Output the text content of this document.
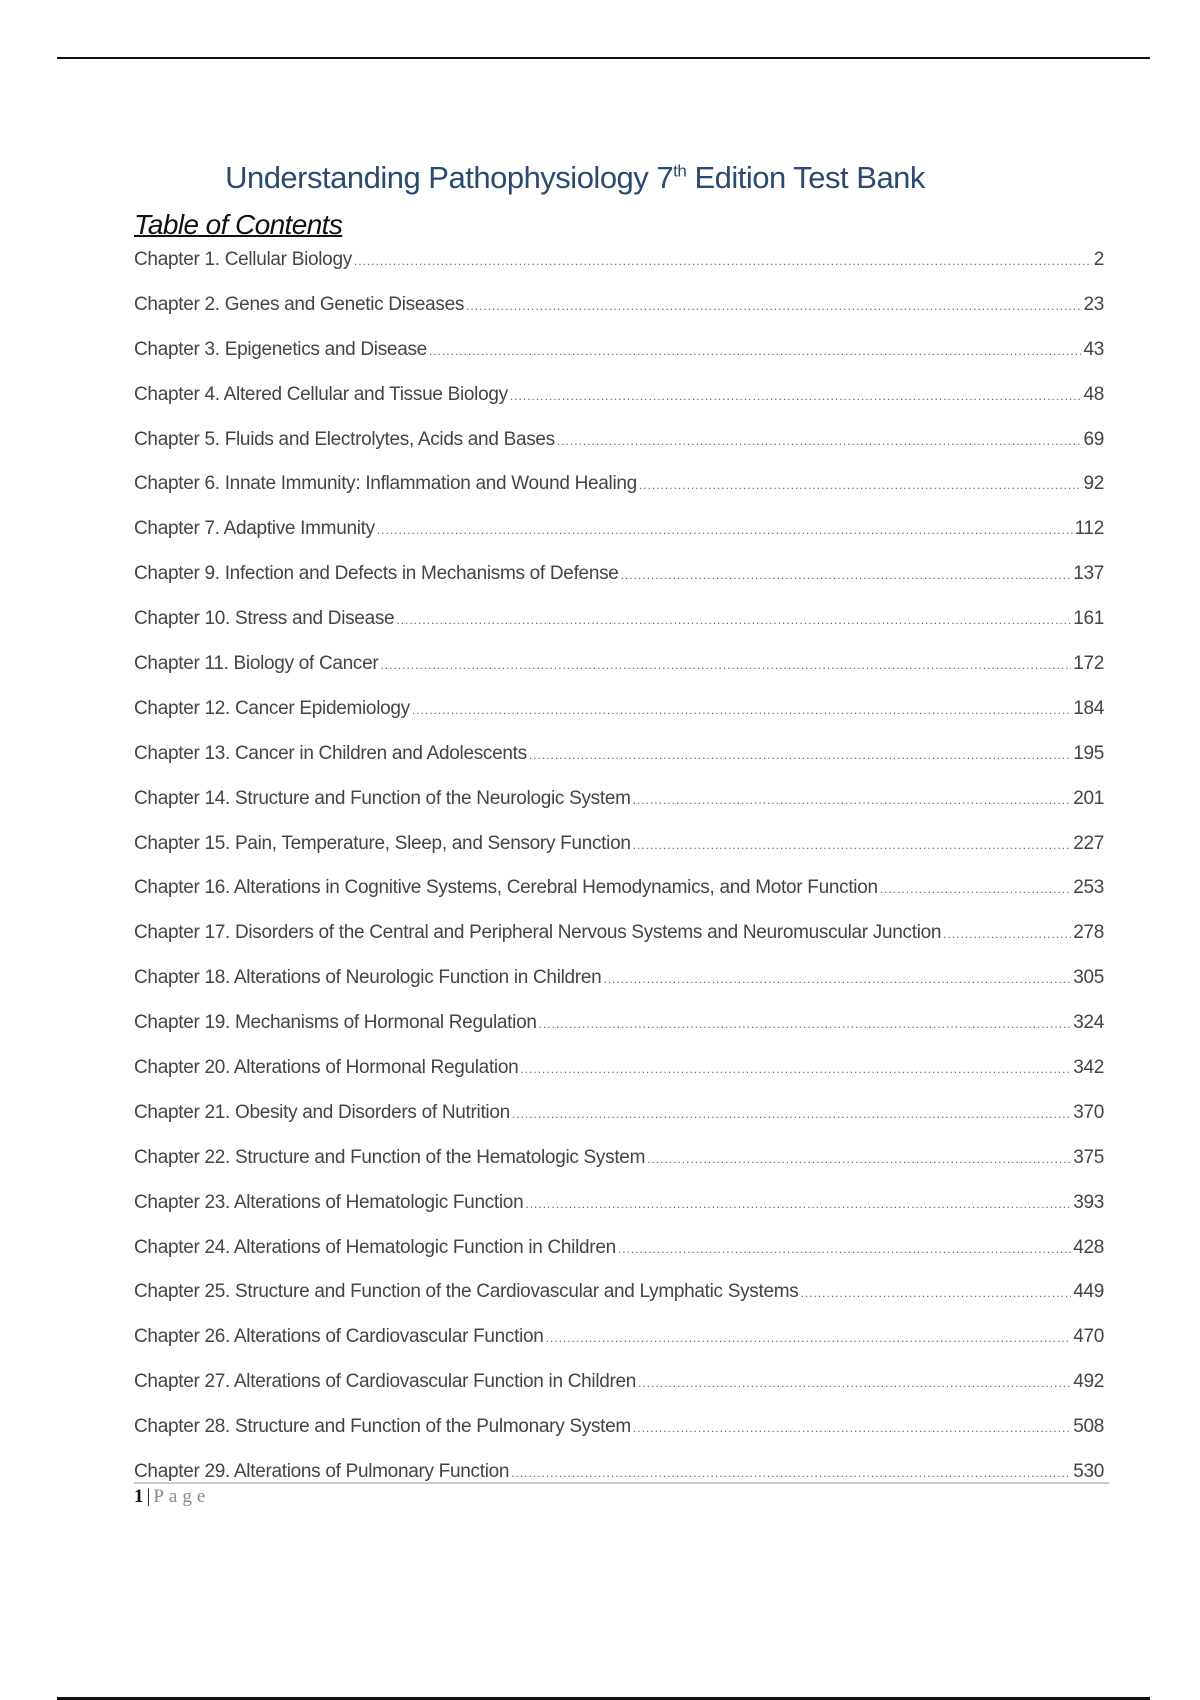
Understanding Pathophysiology 7th Edition Test Bank
Table of Contents
Chapter 1. Cellular Biology .....	2
Chapter 2. Genes and Genetic Diseases .....	23
Chapter 3. Epigenetics and Disease .....	43
Chapter 4. Altered Cellular and Tissue Biology .....	48
Chapter 5. Fluids and Electrolytes, Acids and Bases .....	69
Chapter 6. Innate Immunity: Inflammation and Wound Healing .....	92
Chapter 7. Adaptive Immunity .....	112
Chapter 9. Infection and Defects in Mechanisms of Defense .....	137
Chapter 10. Stress and Disease .....	161
Chapter 11. Biology of Cancer .....	172
Chapter 12. Cancer Epidemiology .....	184
Chapter 13. Cancer in Children and Adolescents .....	195
Chapter 14. Structure and Function of the Neurologic System .....	201
Chapter 15. Pain, Temperature, Sleep, and Sensory Function .....	227
Chapter 16. Alterations in Cognitive Systems, Cerebral Hemodynamics, and Motor Function .....	253
Chapter 17. Disorders of the Central and Peripheral Nervous Systems and Neuromuscular Junction .....	278
Chapter 18. Alterations of Neurologic Function in Children .....	305
Chapter 19. Mechanisms of Hormonal Regulation .....	324
Chapter 20. Alterations of Hormonal Regulation .....	342
Chapter 21. Obesity and Disorders of Nutrition .....	370
Chapter 22. Structure and Function of the Hematologic System .....	375
Chapter 23. Alterations of Hematologic Function .....	393
Chapter 24. Alterations of Hematologic Function in Children .....	428
Chapter 25. Structure and Function of the Cardiovascular and Lymphatic Systems .....	449
Chapter 26. Alterations of Cardiovascular Function .....	470
Chapter 27. Alterations of Cardiovascular Function in Children .....	492
Chapter 28. Structure and Function of the Pulmonary System .....	508
Chapter 29. Alterations of Pulmonary Function .....	530
1 | Page
